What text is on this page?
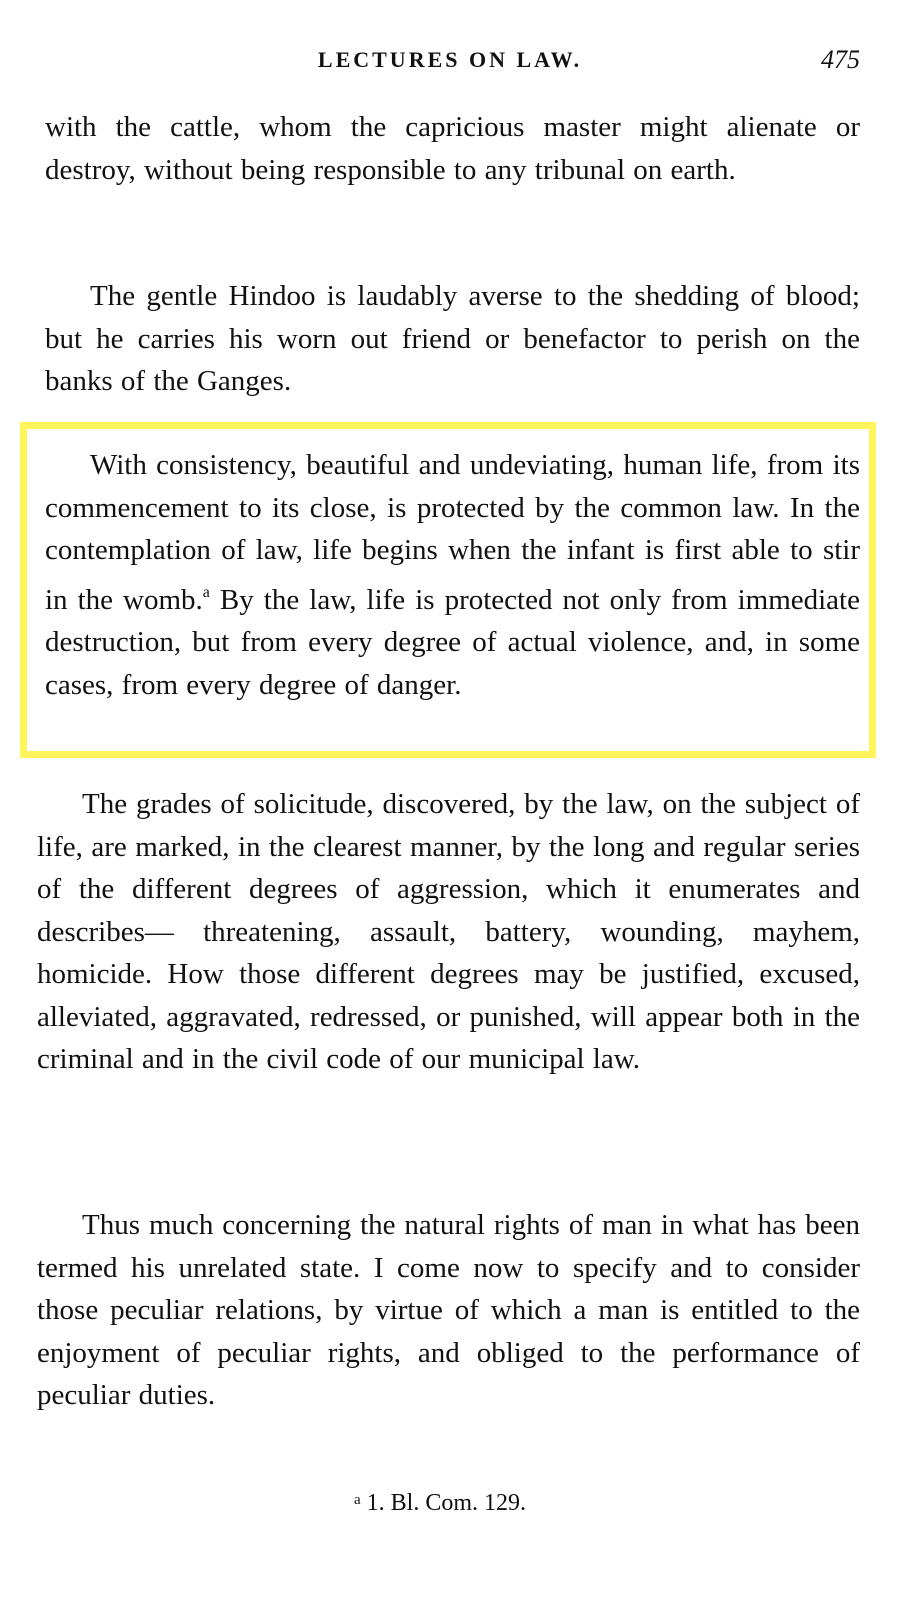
LECTURES ON LAW.	475

with the cattle, whom the capricious master might alienate or destroy, without being responsible to any tribunal on earth.

The gentle Hindoo is laudably averse to the shedding of blood; but he carries his worn out friend or benefactor to perish on the banks of the Ganges.

With consistency, beautiful and undeviating, human life, from its commencement to its close, is protected by the common law. In the contemplation of law, life begins when the infant is first able to stir in the womb.$^a$ By the law, life is protected not only from immediate destruction, but from every degree of actual violence, and, in some cases, from every degree of danger.

The grades of solicitude, discovered, by the law, on the subject of life, are marked, in the clearest manner, by the long and regular series of the different degrees of aggression, which it enumerates and describes— threatening, assault, battery, wounding, mayhem, homicide. How those different degrees may be justified, excused, alleviated, aggravated, redressed, or punished, will appear both in the criminal and in the civil code of our municipal law.

Thus much concerning the natural rights of man in what has been termed his unrelated state. I come now to specify and to consider those peculiar relations, by virtue of which a man is entitled to the enjoyment of peculiar rights, and obliged to the performance of peculiar duties.

$^a$ 1. Bl. Com. 129.
